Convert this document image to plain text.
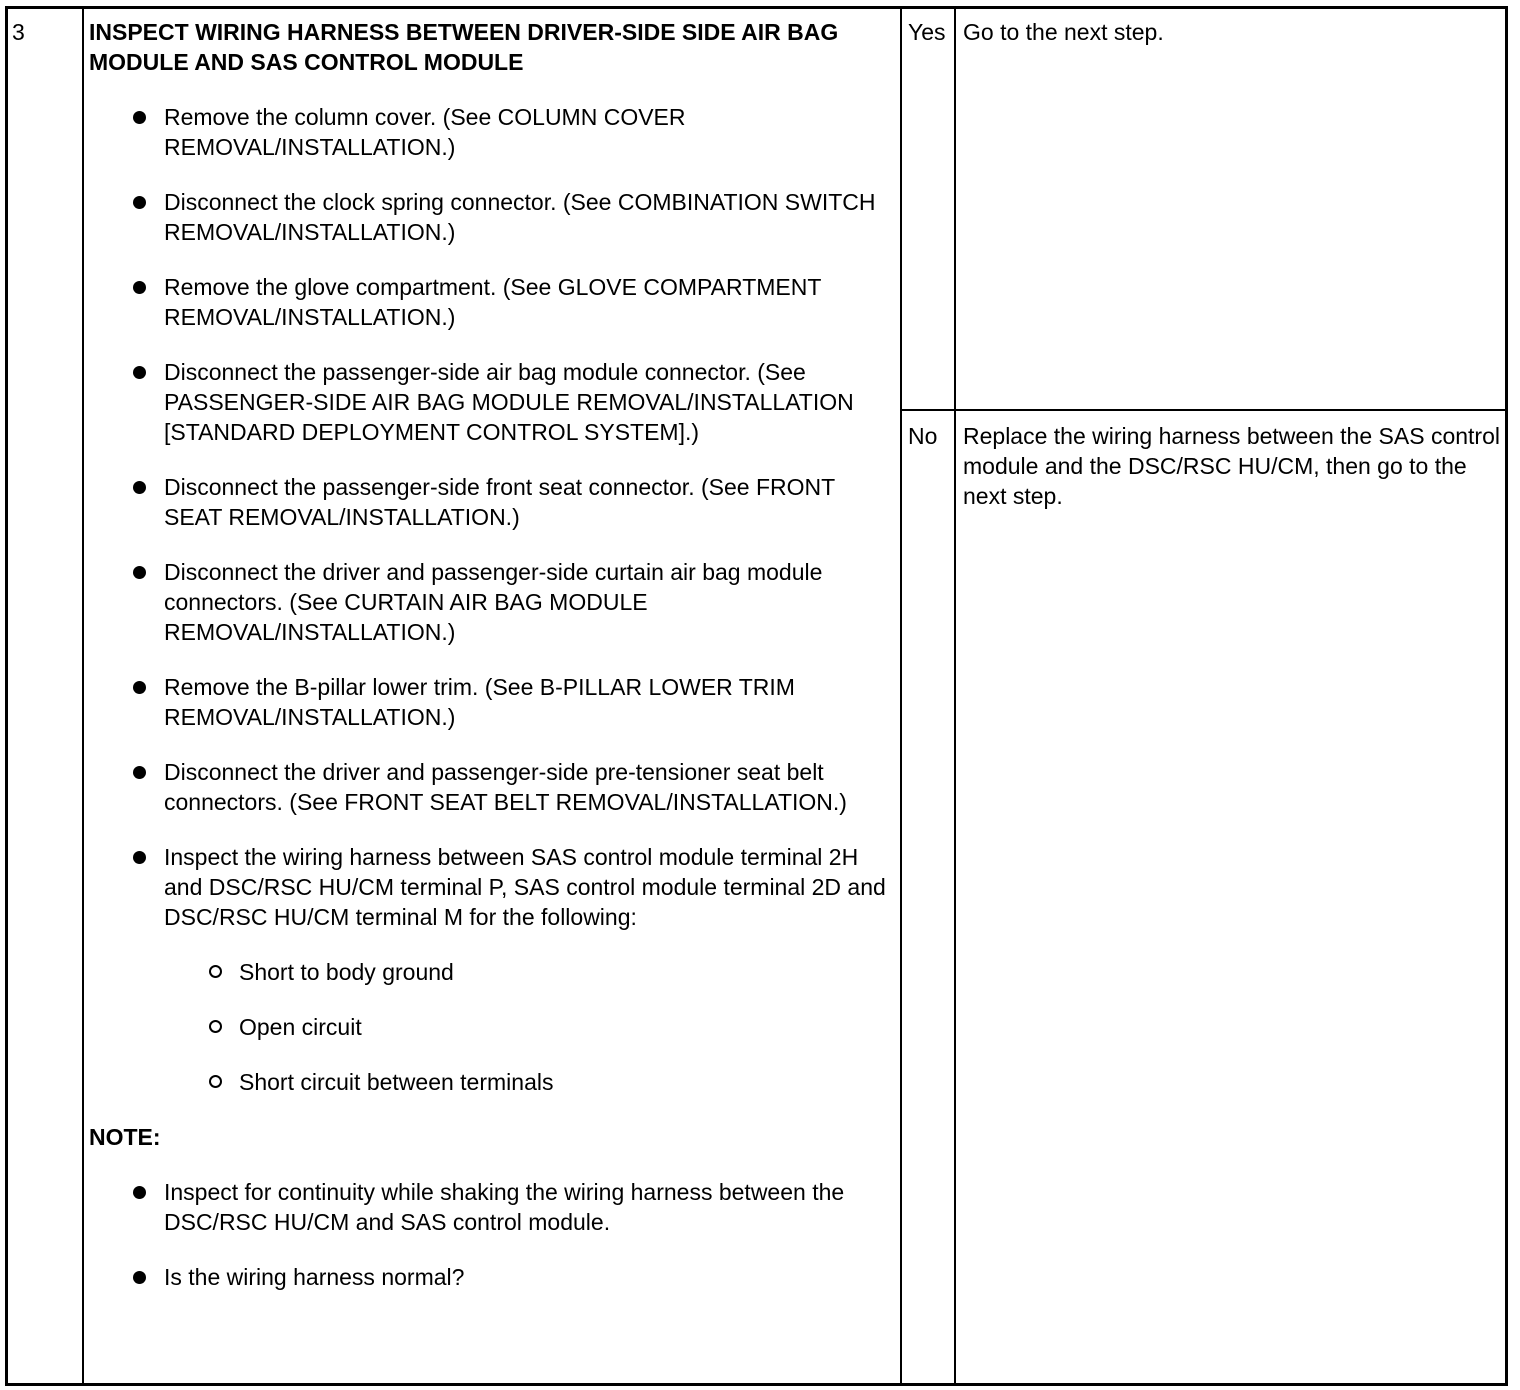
3	INSPECT WIRING HARNESS BETWEEN DRIVER-SIDE SIDE AIR BAG MODULE AND SAS CONTROL MODULE
Remove the column cover. (See COLUMN COVER REMOVAL/INSTALLATION.)
Disconnect the clock spring connector. (See COMBINATION SWITCH REMOVAL/INSTALLATION.)
Remove the glove compartment. (See GLOVE COMPARTMENT REMOVAL/INSTALLATION.)
Disconnect the passenger-side air bag module connector. (See PASSENGER-SIDE AIR BAG MODULE REMOVAL/INSTALLATION [STANDARD DEPLOYMENT CONTROL SYSTEM].)
Disconnect the passenger-side front seat connector. (See FRONT SEAT REMOVAL/INSTALLATION.)
Disconnect the driver and passenger-side curtain air bag module connectors. (See CURTAIN AIR BAG MODULE REMOVAL/INSTALLATION.)
Remove the B-pillar lower trim. (See B-PILLAR LOWER TRIM REMOVAL/INSTALLATION.)
Disconnect the driver and passenger-side pre-tensioner seat belt connectors. (See FRONT SEAT BELT REMOVAL/INSTALLATION.)
Inspect the wiring harness between SAS control module terminal 2H and DSC/RSC HU/CM terminal P, SAS control module terminal 2D and DSC/RSC HU/CM terminal M for the following:
Short to body ground
Open circuit
Short circuit between terminals
NOTE:
Inspect for continuity while shaking the wiring harness between the DSC/RSC HU/CM and SAS control module.
Is the wiring harness normal?
Yes Go to the next step.
No Replace the wiring harness between the SAS control module and the DSC/RSC HU/CM, then go to the next step.
